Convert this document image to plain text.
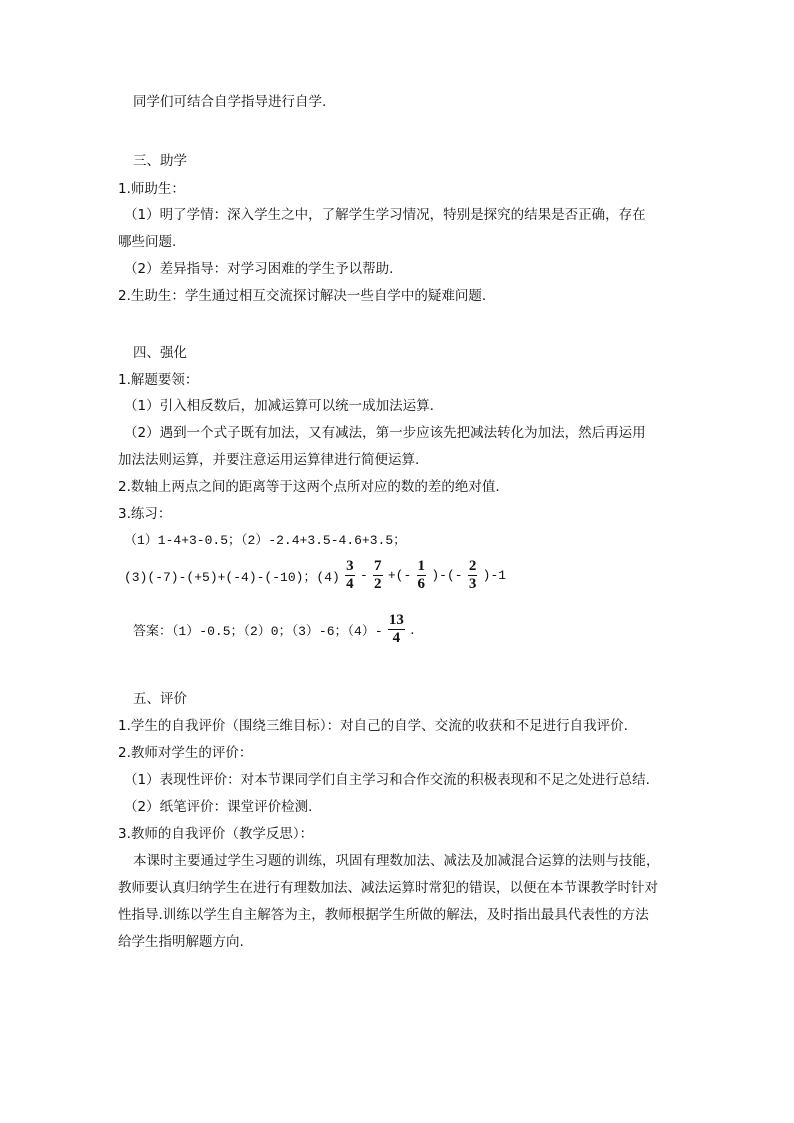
同学们可结合自学指导进行自学.
三、助学
1.师助生：
（1）明了学情：深入学生之中，了解学生学习情况，特别是探究的结果是否正确，存在
哪些问题.
（2）差异指导：对学习困难的学生予以帮助.
2.生助生：学生通过相互交流探讨解决一些自学中的疑难问题.
四、强化
1.解题要领：
（1）引入相反数后，加减运算可以统一成加法运算.
（2）遇到一个式子既有加法，又有减法，第一步应该先把减法转化为加法，然后再运用
加法法则运算，并要注意运用运算律进行简便运算.
2.数轴上两点之间的距离等于这两个点所对应的数的差的绝对值.
3.练习：
（1）1-4+3-0.5；（2）-2.4+3.5-4.6+3.5；
(3)(-7)-(+5)+(-4)-(-10)；$(4) \frac{3}{4} - \frac{7}{2}$ +(- $\frac{1}{6}$ )-(- $\frac{2}{3} )-1$
答案：（1）-0.5；（2）0；（3）-6；$(4)- \frac{13}{4}$ .
五、评价
1.学生的自我评价（围绕三维目标）：对自己的自学、交流的收获和不足进行自我评价.
2.教师对学生的评价：
（1）表现性评价：对本节课同学们自主学习和合作交流的积极表现和不足之处进行总结.
（2）纸笔评价：课堂评价检测.
3.教师的自我评价（教学反思）：
本课时主要通过学生习题的训练，巩固有理数加法、减法及加减混合运算的法则与技能，
教师要认真归纳学生在进行有理数加法、减法运算时常犯的错误，以便在本节课教学时针对
性指导.训练以学生自主解答为主，教师根据学生所做的解法，及时指出最具代表性的方法
给学生指明解题方向.
